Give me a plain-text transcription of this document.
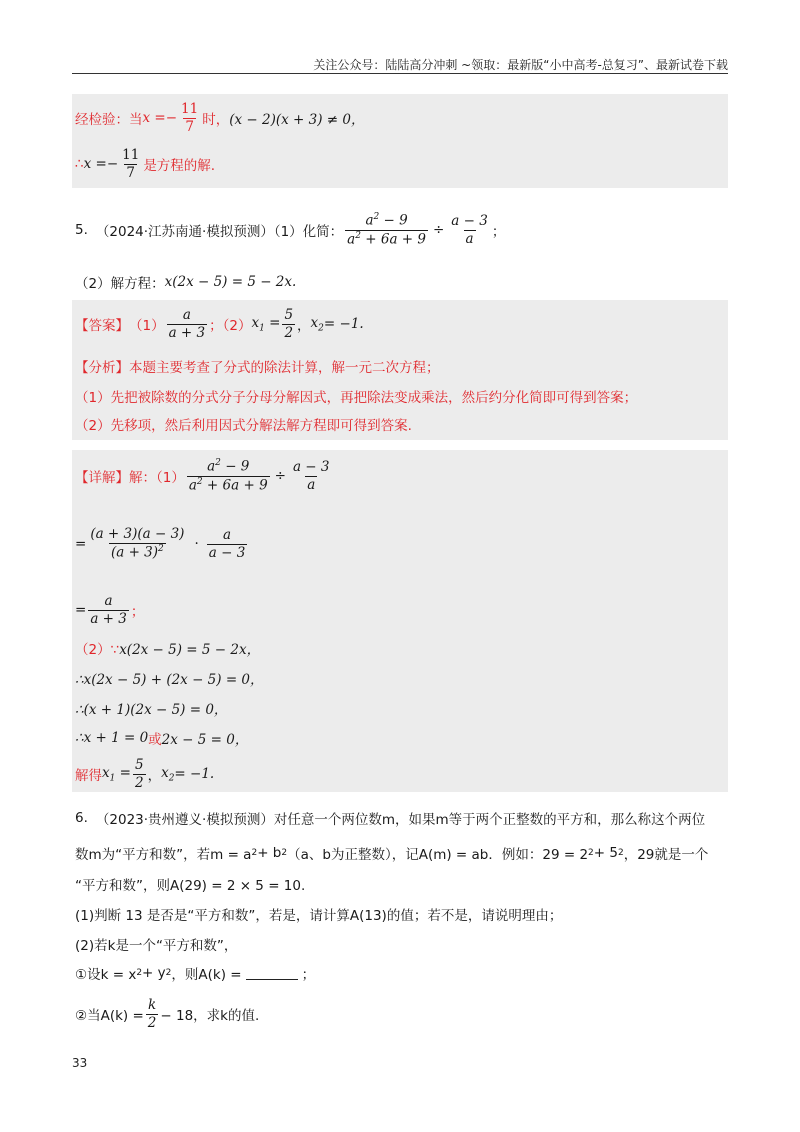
关注公众号：陆陆高分冲刺 ~领取：最新版“小中高考-总复习”、最新试卷下载
经检验：当 x = − $\frac{11}{7}$ 时， (x − 2)(x + 3) ≠ 0，
∴ x = − $\frac{11}{7}$ 是方程的解.
5. （2024·江苏南通·模拟预测）（1）化简： $\frac{a^2 - 9}{a^2 + 6a + 9} \div \frac{a - 3}{a}$ ；
（2）解方程： x(2x − 5) = 5 − 2x.
【答案】 $(1) \frac{a}{a + 3}$ ；（2） $x_1 = \frac{5}{2}$ ， $x_2 = -1$.
【分析】 本题主要考查了分式的除法计算，解一元二次方程；
（1）先把被除数的分式分子分母分解因式，再把除法变成乘法，然后约分化简即可得到答案；
（2）先移项，然后利用因式分解法解方程即可得到答案.
【详解】 解：$(1) \frac{a^2 - 9}{a^2 + 6a + 9} \div \frac{a - 3}{a}$
= $\frac{(a + 3)(a - 3)}{(a + 3)^2} \cdot \frac{a}{a - 3}$
= $\frac{a}{a + 3}$ ；
（2）∵ x(2x − 5) = 5 − 2x，
∴x(2x − 5) + (2x − 5) = 0，
∴(x + 1)(2x − 5) = 0，
∴x + 1 = 0 或 2x − 5 = 0，
解得 $x_1 = \frac{5}{2}$ ， $x_2 = -1$.
6. （2023·贵州遵义·模拟预测）对任意一个两位数m，如果m等于两个正整数的平方和，那么称这个两位
数m为“平方和数”，若m = a 2 + b 2 （a、b为正整数），记A(m) = ab．例如：29 = 2 2 + 5 2 ，29就是一个
“平方和数”，则A(29) = 2 × 5 = 10.
(1)判断 13 是否是“平方和数”，若是，请计算A(13)的值；若不是，请说明理由；
(2)若k是一个“平方和数”，
①设k = x 2 + y 2 ，则A(k) =	；
②当$A(k) = \frac{k}{2} - 18$，求k的值.
33
